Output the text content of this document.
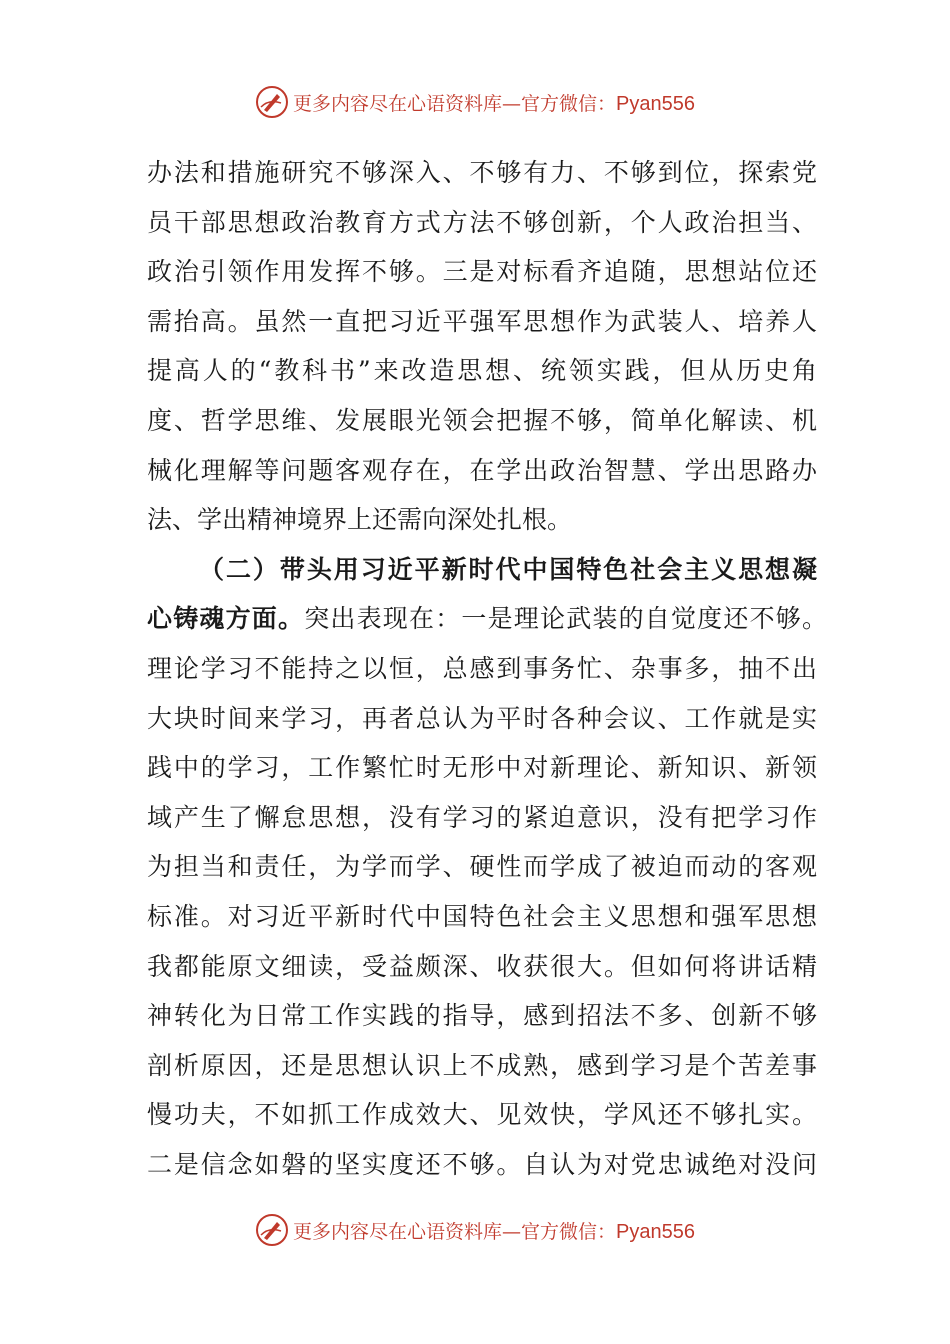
更多内容尽在心语资料库—官方微信：Pyan556
办法和措施研究不够深入、不够有力、不够到位，探索党
员干部思想政治教育方式方法不够创新，个人政治担当、
政治引领作用发挥不够。三是对标看齐追随，思想站位还
需抬高。虽然一直把习近平强军思想作为武装人、培养人
提高人的“教科书”来改造思想、统领实践，但从历史角
度、哲学思维、发展眼光领会把握不够，简单化解读、机
械化理解等问题客观存在，在学出政治智慧、学出思路办
法、学出精神境界上还需向深处扎根。
（二）带头用习近平新时代中国特色社会主义思想凝
心铸魂方面。突出表现在：一是理论武装的自觉度还不够。
理论学习不能持之以恒，总感到事务忙、杂事多，抽不出
大块时间来学习，再者总认为平时各种会议、工作就是实
践中的学习，工作繁忙时无形中对新理论、新知识、新领
域产生了懈怠思想，没有学习的紧迫意识，没有把学习作
为担当和责任，为学而学、硬性而学成了被迫而动的客观
标准。对习近平新时代中国特色社会主义思想和强军思想
我都能原文细读，受益颇深、收获很大。但如何将讲话精
神转化为日常工作实践的指导，感到招法不多、创新不够
剖析原因，还是思想认识上不成熟，感到学习是个苦差事
慢功夫，不如抓工作成效大、见效快，学风还不够扎实。
二是信念如磐的坚实度还不够。自认为对党忠诚绝对没问
更多内容尽在心语资料库—官方微信：Pyan556
